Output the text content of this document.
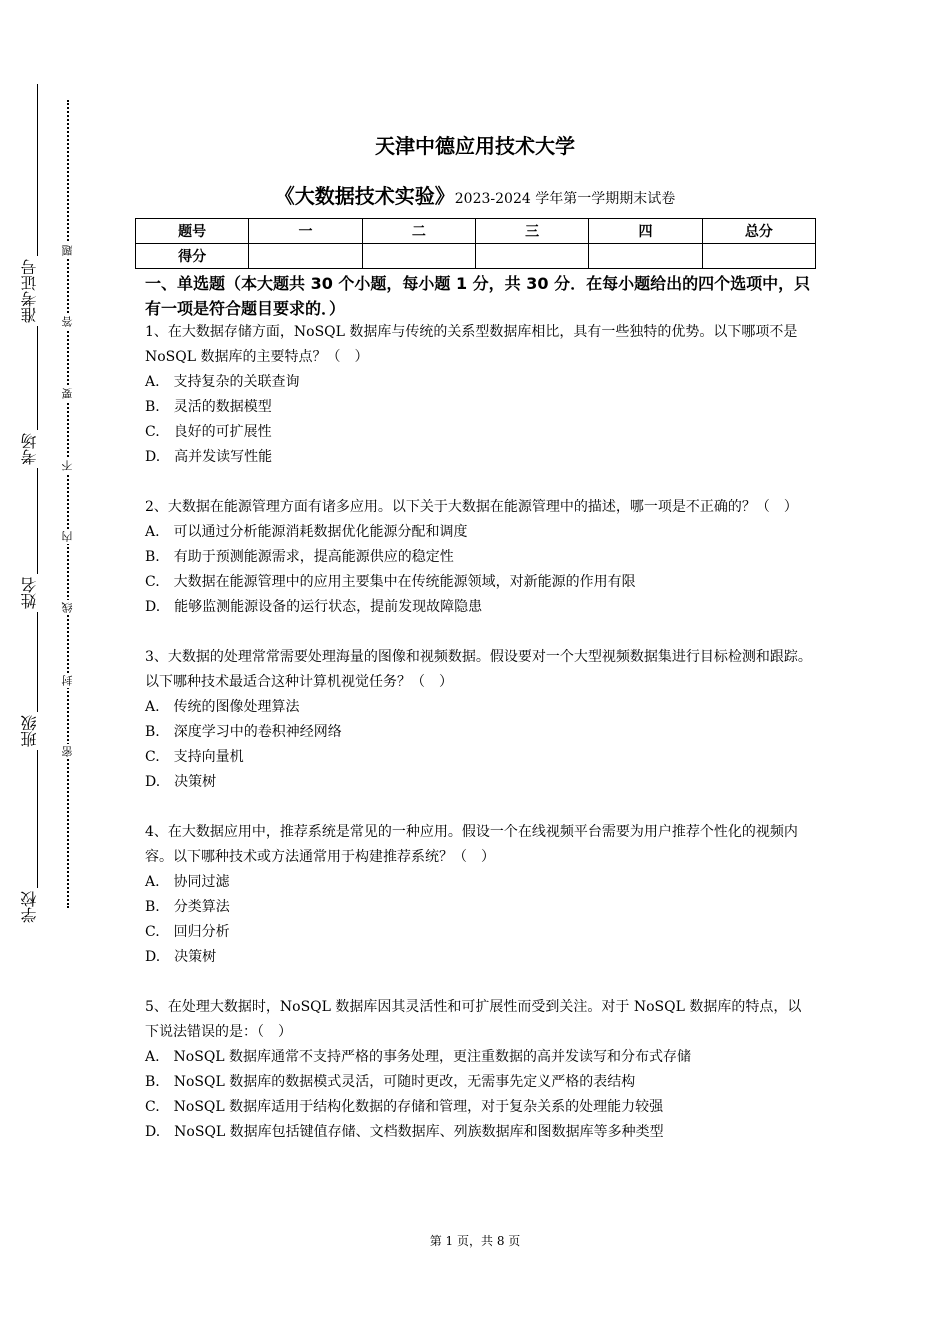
准考证号
考场
姓名
班级
学校
题
答
要
不
内
线
封
密
天津中德应用技术大学
《大数据技术实验》2023-2024 学年第一学期期末试卷
题号	一	二	三	四	总分
得分					
一、单选题（本大题共 30 个小题，每小题 1 分，共 30 分．在每小题给出的四个选项中，只有一项是符合题目要求的．）
1、在大数据存储方面，NoSQL 数据库与传统的关系型数据库相比，具有一些独特的优势。以下哪项不是 NoSQL 数据库的主要特点？（　）
A.　支持复杂的关联查询
B.　灵活的数据模型
C.　良好的可扩展性
D.　高并发读写性能
2、大数据在能源管理方面有诸多应用。以下关于大数据在能源管理中的描述，哪一项是不正确的？（　）
A.　可以通过分析能源消耗数据优化能源分配和调度
B.　有助于预测能源需求，提高能源供应的稳定性
C.　大数据在能源管理中的应用主要集中在传统能源领域，对新能源的作用有限
D.　能够监测能源设备的运行状态，提前发现故障隐患
3、大数据的处理常常需要处理海量的图像和视频数据。假设要对一个大型视频数据集进行目标检测和跟踪。以下哪种技术最适合这种计算机视觉任务？（　）
A.　传统的图像处理算法
B.　深度学习中的卷积神经网络
C.　支持向量机
D.　决策树
4、在大数据应用中，推荐系统是常见的一种应用。假设一个在线视频平台需要为用户推荐个性化的视频内容。以下哪种技术或方法通常用于构建推荐系统？（　）
A.　协同过滤
B.　分类算法
C.　回归分析
D.　决策树
5、在处理大数据时，NoSQL 数据库因其灵活性和可扩展性而受到关注。对于 NoSQL 数据库的特点，以下说法错误的是：（　）
A.　NoSQL 数据库通常不支持严格的事务处理，更注重数据的高并发读写和分布式存储
B.　NoSQL 数据库的数据模式灵活，可随时更改，无需事先定义严格的表结构
C.　NoSQL 数据库适用于结构化数据的存储和管理，对于复杂关系的处理能力较强
D.　NoSQL 数据库包括键值存储、文档数据库、列族数据库和图数据库等多种类型
第 1 页，共 8 页
